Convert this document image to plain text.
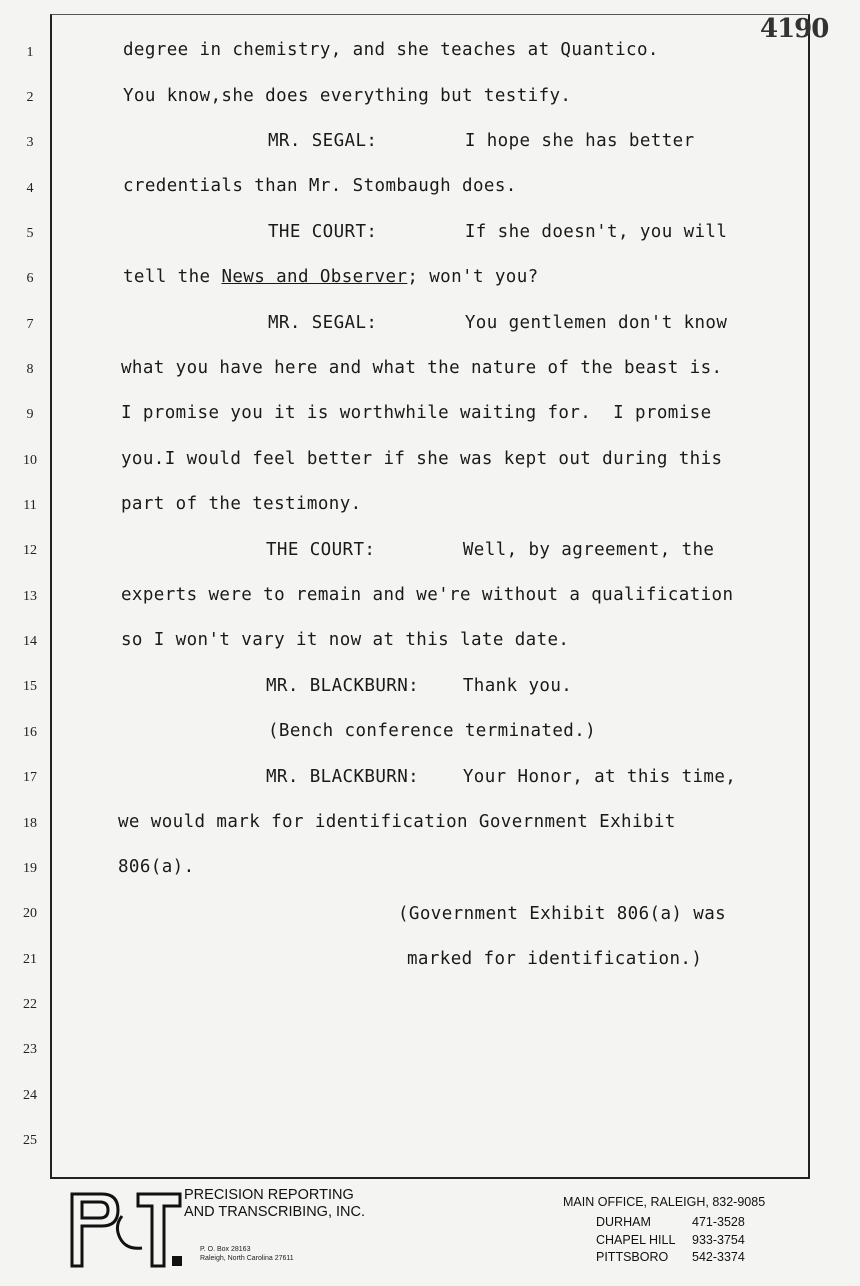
4190
1
2
3
4
5
6
7
8
9
10
11
12
13
14
15
16
17
18
19
20
21
22
23
24
25
degree in chemistry, and she teaches at Quantico.
You know,she does everything but testify.
MR. SEGAL:        I hope she has better
credentials than Mr. Stombaugh does.
THE COURT:        If she doesn't, you will
tell the News and Observer; won't you?
MR. SEGAL:        You gentlemen don't know
what you have here and what the nature of the beast is.
I promise you it is worthwhile waiting for.  I promise
you.I would feel better if she was kept out during this
part of the testimony.
THE COURT:        Well, by agreement, the
experts were to remain and we're without a qualification
so I won't vary it now at this late date.
MR. BLACKBURN:    Thank you.
(Bench conference terminated.)
MR. BLACKBURN:    Your Honor, at this time,
we would mark for identification Government Exhibit
806(a).
(Government Exhibit 806(a) was
marked for identification.)
PRECISION REPORTING
AND TRANSCRIBING, INC.
P. O. Box 28163
Raleigh, North Carolina 27611
MAIN OFFICE, RALEIGH, 832-9085
DURHAM	471-3528
CHAPEL HILL 933-3754
PITTSBORO 542-3374
